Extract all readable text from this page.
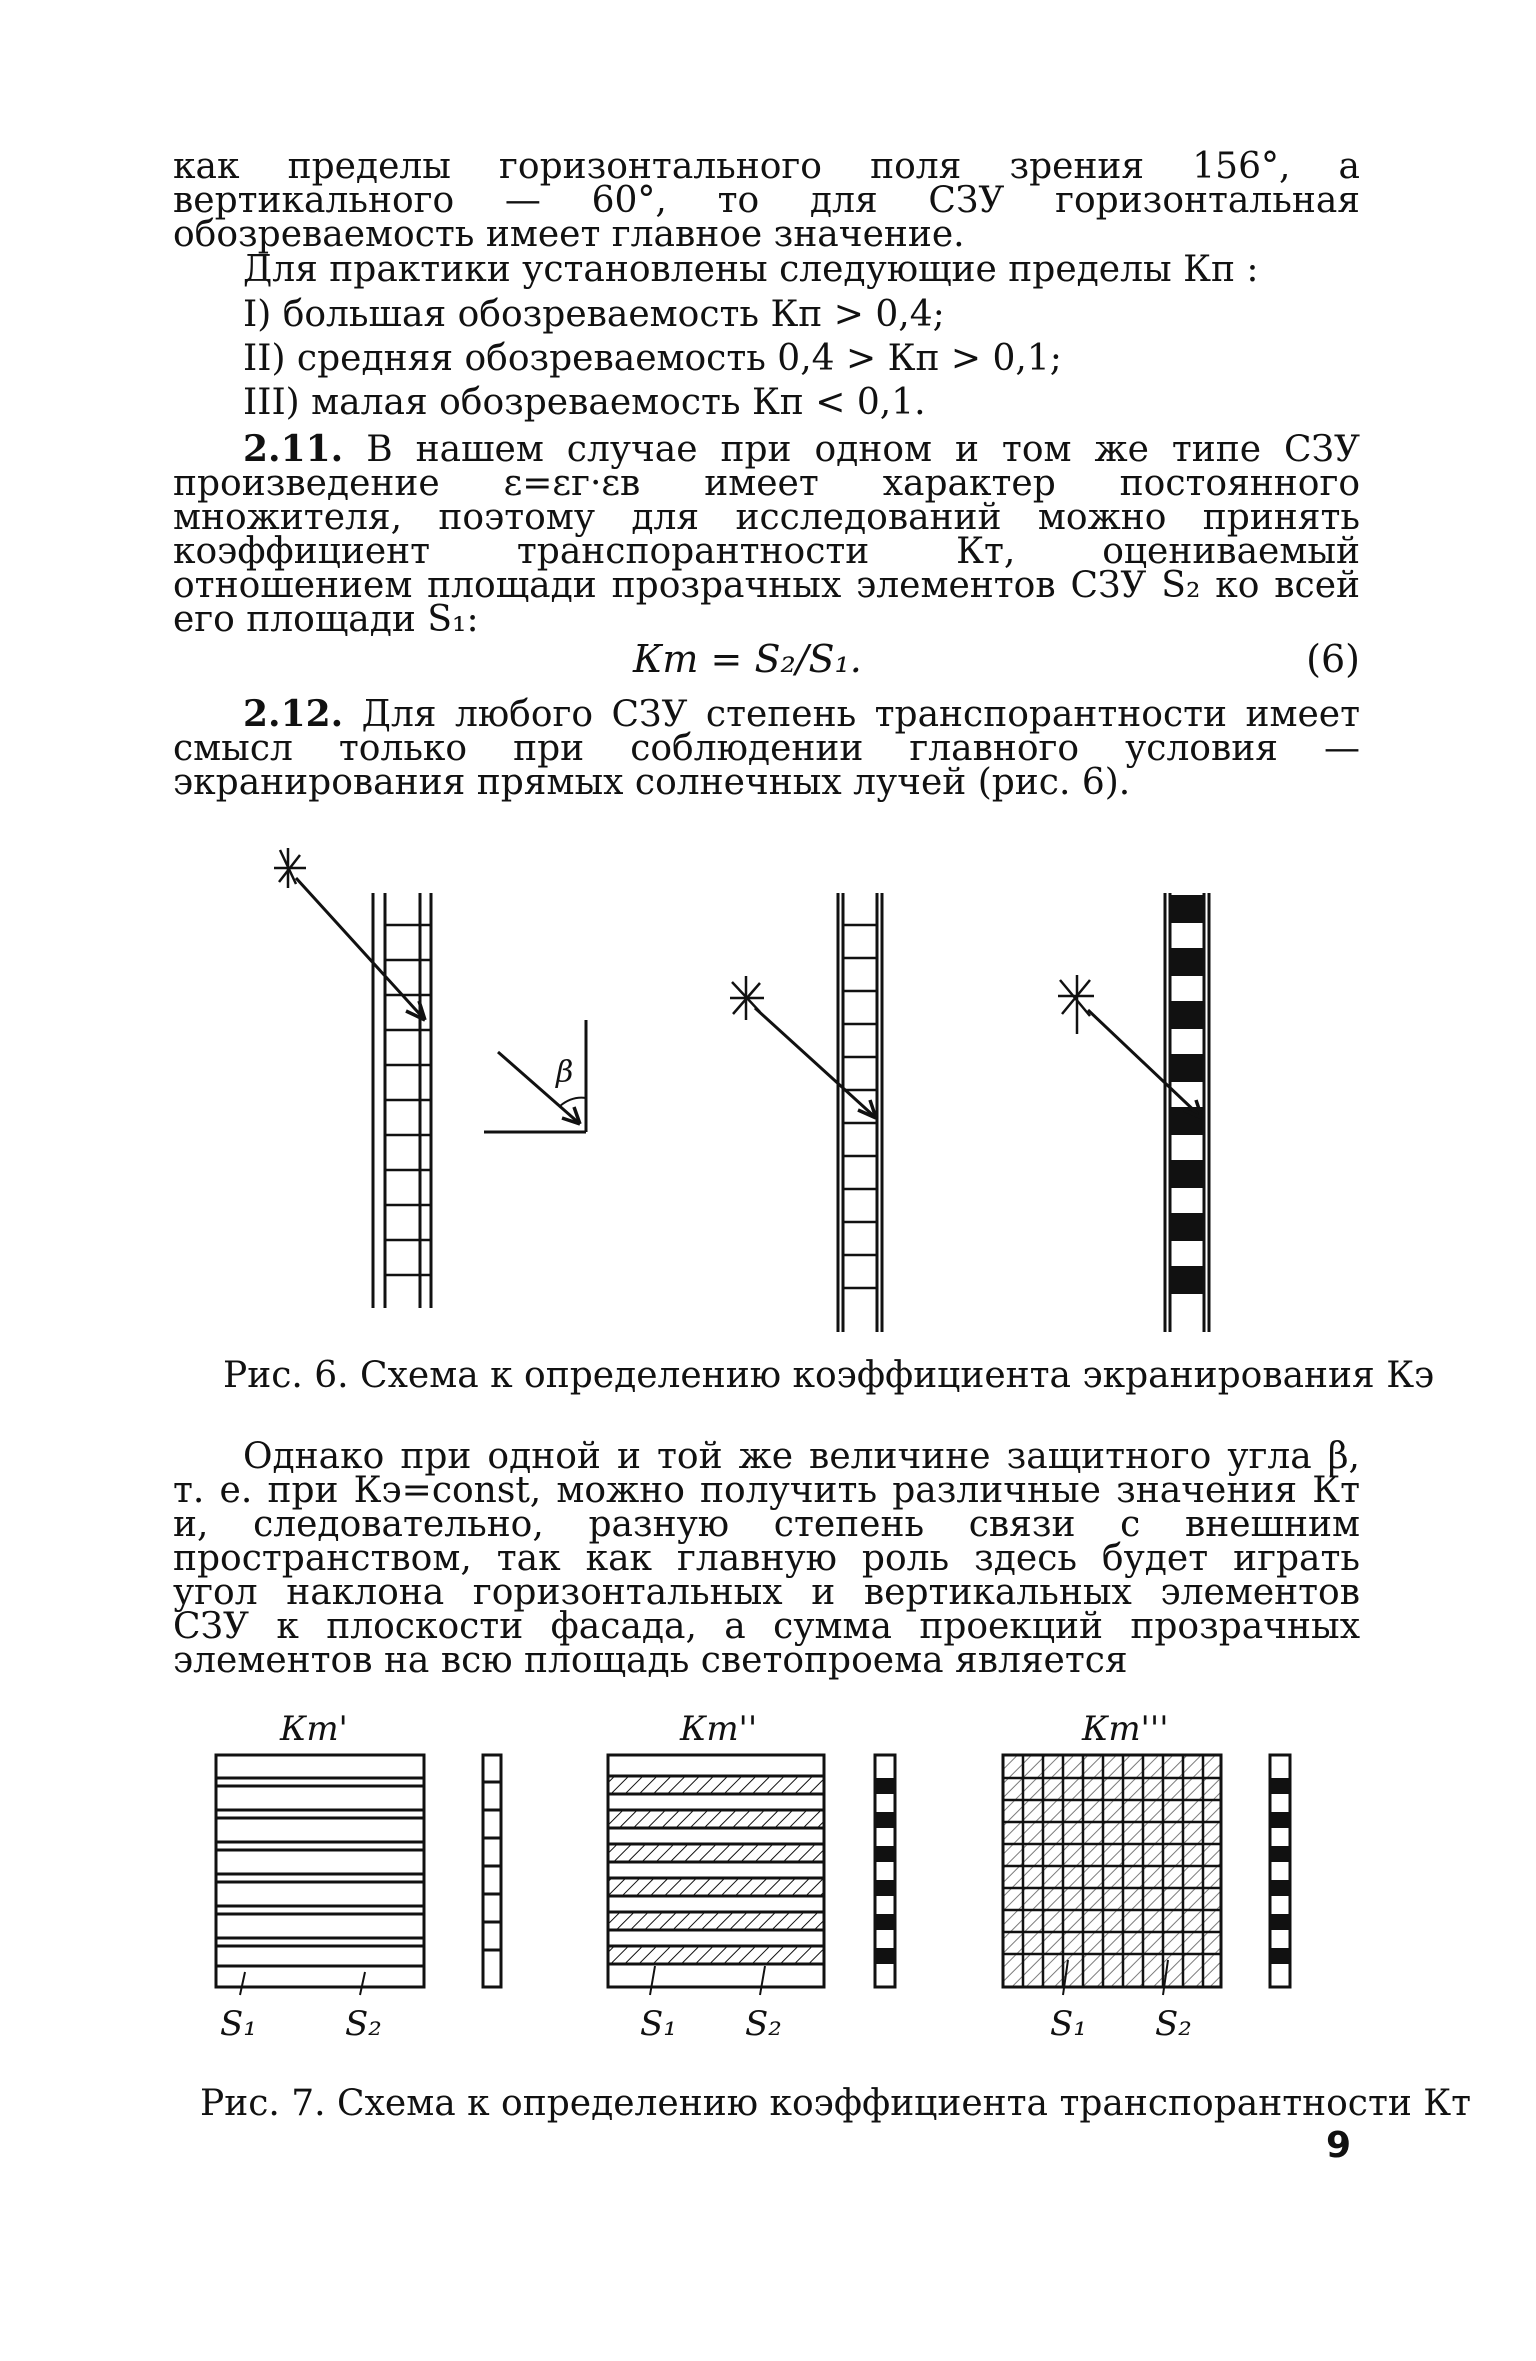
как пределы горизонтального поля зрения 156°, а вертикального — 60°, то для СЗУ горизонтальная обозреваемость имеет главное значение.

Для практики установлены следующие пределы Кп :

I) большая обозреваемость Кп > 0,4;

II) средняя обозреваемость 0,4 > Кп > 0,1;

III) малая обозреваемость Кп < 0,1.

2.11. В нашем случае при одном и том же типе СЗУ произведение ε=εг·εв имеет характер постоянного множителя, поэтому для исследований можно принять коэффициент транспорантности Кт, оцениваемый отношением площади прозрачных элементов СЗУ S₂ ко всей его площади S₁:

Кт = S₂/S₁.	(6)

2.12. Для любого СЗУ степень транспорантности имеет смысл только при соблюдении главного условия — экранирования прямых солнечных лучей (рис. 6).

β

Рис. 6. Схема к определению коэффициента экранирования Кэ

Однако при одной и той же величине защитного угла β, т. е. при Кэ=const, можно получить различные значения Кт и, следовательно, разную степень связи с внешним пространством, так как главную роль здесь будет играть угол наклона горизонтальных и вертикальных элементов СЗУ к плоскости фасада, а сумма проекций прозрачных элементов на всю площадь светопроема является

Кт'	Кт''	Кт'''
S₁	S₂	S₁ S₂	S₁ S₂

Рис. 7. Схема к определению коэффициента транспорантности Кт

9
